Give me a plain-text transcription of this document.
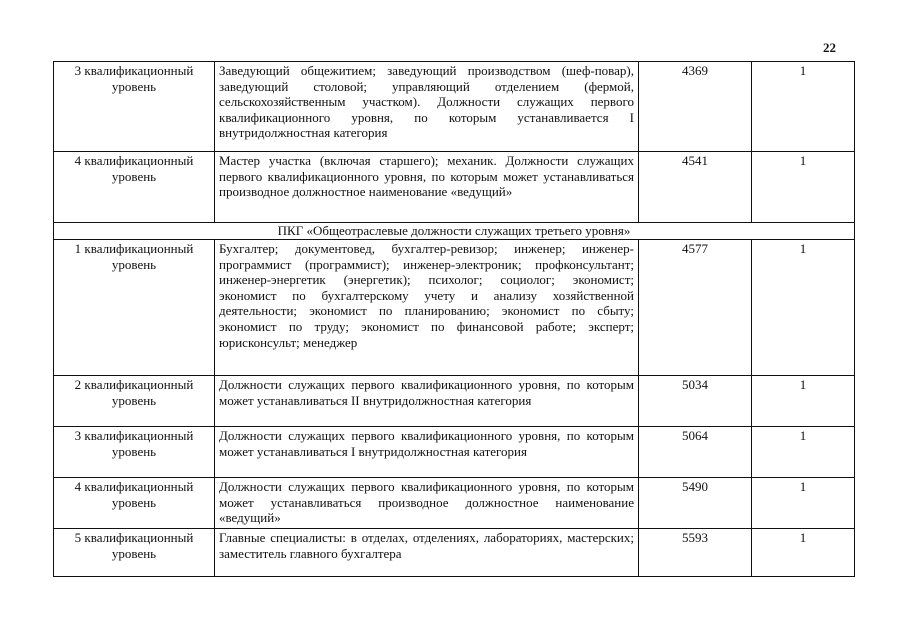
22
3 квалификационный уровень	Заведующий общежитием; заведующий производством (шеф-повар), заведующий столовой; управляющий отделением (фермой, сельскохозяйственным участком). Должности служащих первого квалификационного уровня, по которым устанавливается I внутридолжностная категория	4369	1
4 квалификационный уровень	Мастер участка (включая старшего); механик. Должности служащих первого квалификационного уровня, по которым может устанавливаться производное должностное наименование «ведущий»	4541	1
ПКГ «Общеотраслевые должности служащих третьего уровня»			
1 квалификационный уровень	Бухгалтер; документовед, бухгалтер-ревизор; инженер; инженер-программист (программист); инженер-электроник; профконсультант; инженер-энергетик (энергетик); психолог; социолог; экономист; экономист по бухгалтерскому учету и анализу хозяйственной деятельности; экономист по планированию; экономист по сбыту; экономист по труду; экономист по финансовой работе; эксперт; юрисконсульт; менеджер	4577	1
2 квалификационный уровень	Должности служащих первого квалификационного уровня, по которым может устанавливаться II внутридолжностная категория	5034	1
3 квалификационный уровень	Должности служащих первого квалификационного уровня, по которым может устанавливаться I внутридолжностная категория	5064	1
4 квалификационный уровень	Должности служащих первого квалификационного уровня, по которым может устанавливаться производное должностное наименование «ведущий»	5490	1
5 квалификационный уровень	Главные специалисты: в отделах, отделениях, лабораториях, мастерских; заместитель главного бухгалтера	5593	1
